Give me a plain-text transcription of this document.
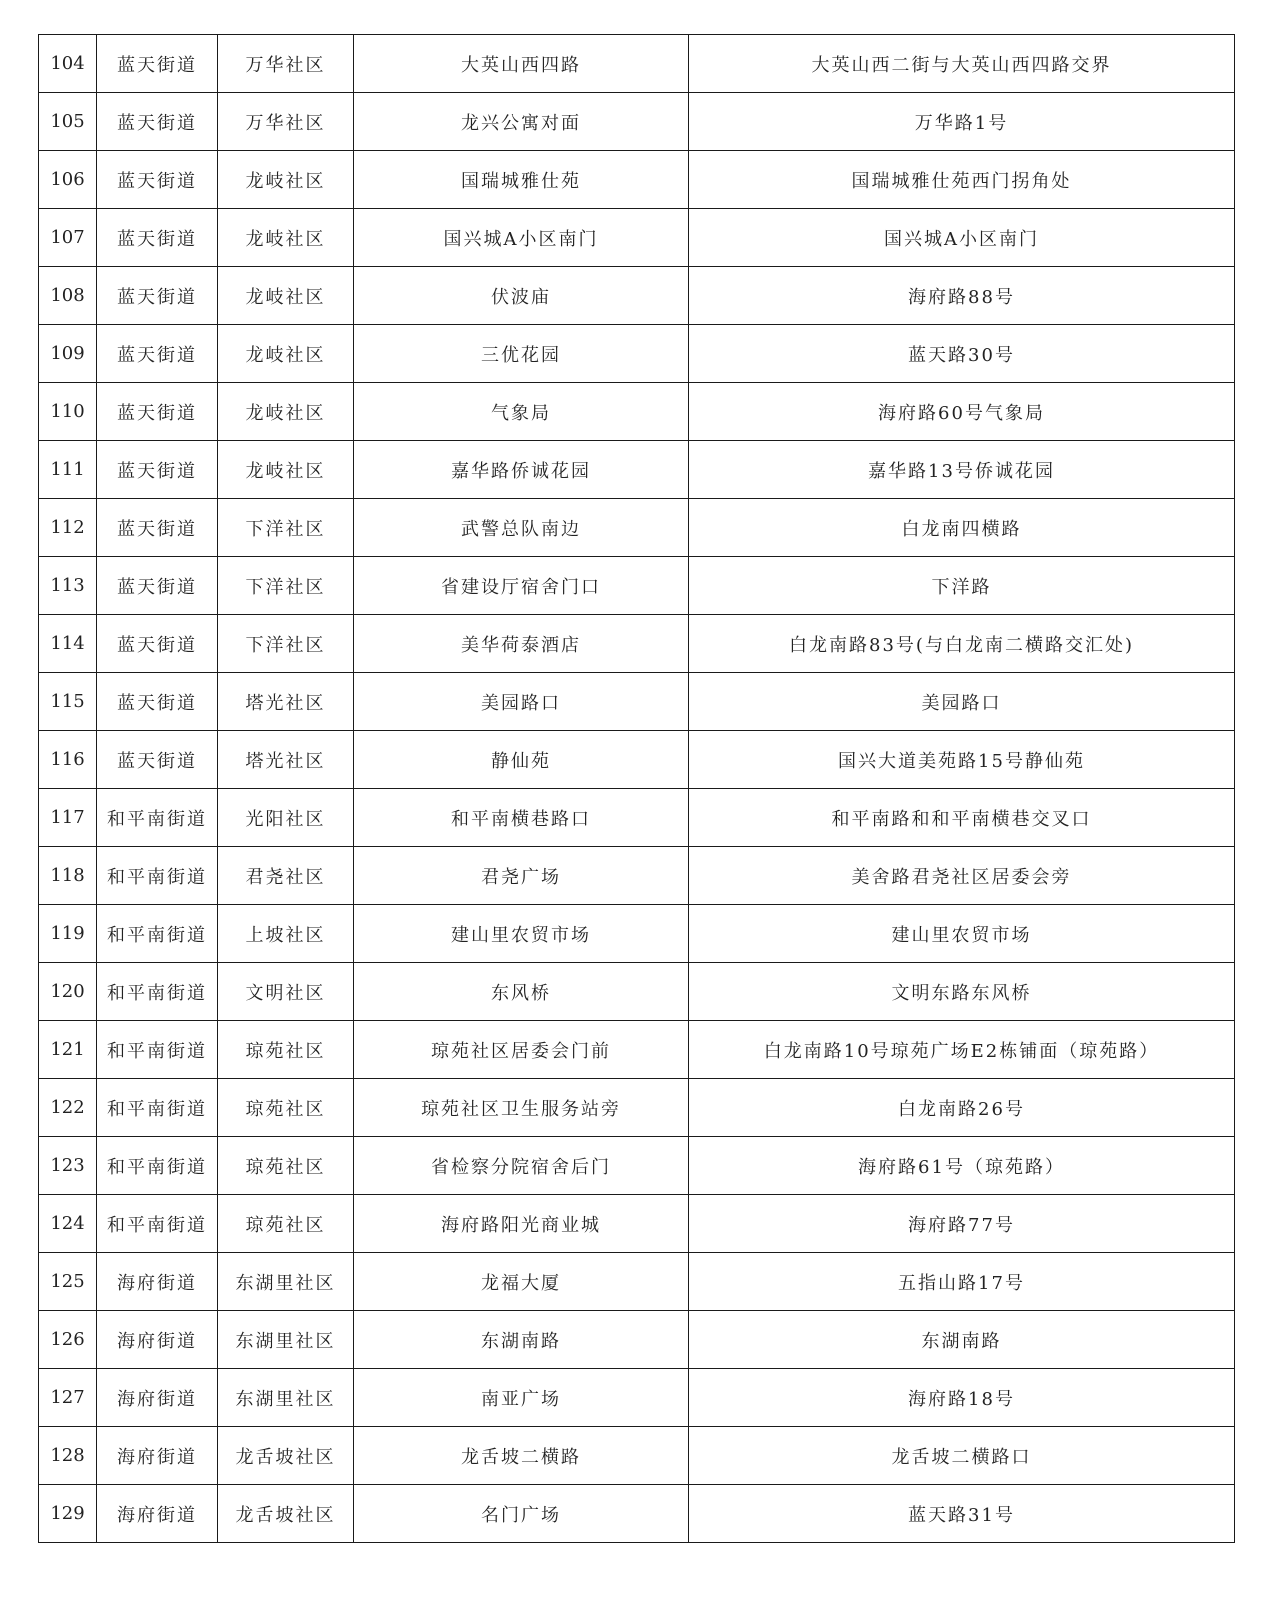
104	蓝天街道	万华社区	大英山西四路	大英山西二街与大英山西四路交界
105	蓝天街道	万华社区	龙兴公寓对面	万华路1号
106	蓝天街道	龙岐社区	国瑞城雅仕苑	国瑞城雅仕苑西门拐角处
107	蓝天街道	龙岐社区	国兴城A小区南门	国兴城A小区南门
108	蓝天街道	龙岐社区	伏波庙	海府路88号
109	蓝天街道	龙岐社区	三优花园	蓝天路30号
110	蓝天街道	龙岐社区	气象局	海府路60号气象局
111	蓝天街道	龙岐社区	嘉华路侨诚花园	嘉华路13号侨诚花园
112	蓝天街道	下洋社区	武警总队南边	白龙南四横路
113	蓝天街道	下洋社区	省建设厅宿舍门口	下洋路
114	蓝天街道	下洋社区	美华荷泰酒店	白龙南路83号(与白龙南二横路交汇处)
115	蓝天街道	塔光社区	美园路口	美园路口
116	蓝天街道	塔光社区	静仙苑	国兴大道美苑路15号静仙苑
117	和平南街道	光阳社区	和平南横巷路口	和平南路和和平南横巷交叉口
118	和平南街道	君尧社区	君尧广场	美舍路君尧社区居委会旁
119	和平南街道	上坡社区	建山里农贸市场	建山里农贸市场
120	和平南街道	文明社区	东风桥	文明东路东风桥
121	和平南街道	琼苑社区	琼苑社区居委会门前	白龙南路10号琼苑广场E2栋铺面（琼苑路）
122	和平南街道	琼苑社区	琼苑社区卫生服务站旁	白龙南路26号
123	和平南街道	琼苑社区	省检察分院宿舍后门	海府路61号（琼苑路）
124	和平南街道	琼苑社区	海府路阳光商业城	海府路77号
125	海府街道	东湖里社区	龙福大厦	五指山路17号
126	海府街道	东湖里社区	东湖南路	东湖南路
127	海府街道	东湖里社区	南亚广场	海府路18号
128	海府街道	龙舌坡社区	龙舌坡二横路	龙舌坡二横路口
129	海府街道	龙舌坡社区	名门广场	蓝天路31号
